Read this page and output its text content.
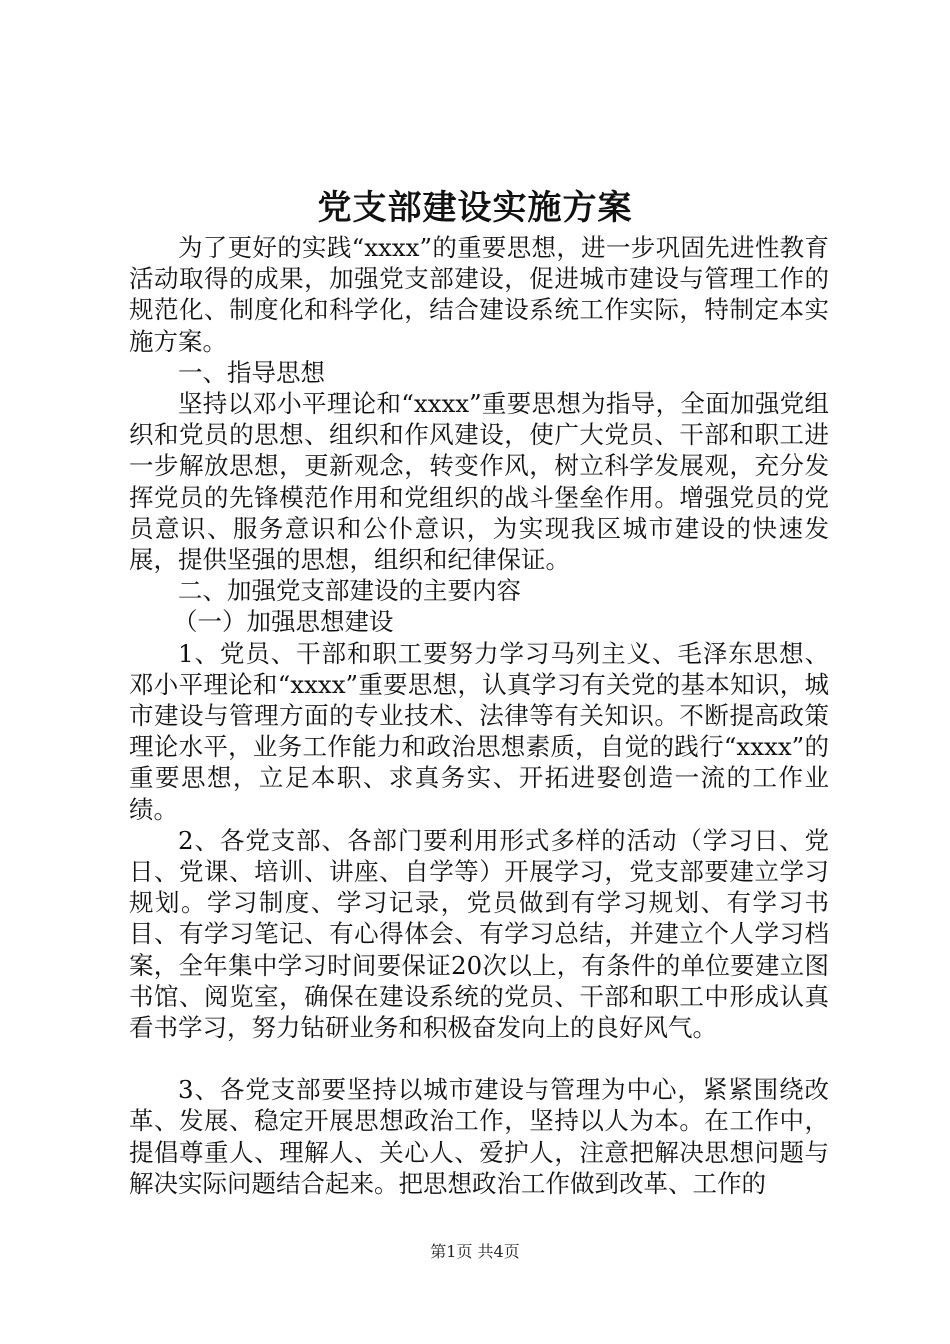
党支部建设实施方案

为了更好的实践“xxxx”的重要思想，进一步巩固先进性教育活动取得的成果，加强党支部建设，促进城市建设与管理工作的规范化、制度化和科学化，结合建设系统工作实际，特制定本实施方案。

一、指导思想

坚持以邓小平理论和“xxxx”重要思想为指导，全面加强党组织和党员的思想、组织和作风建设，使广大党员、干部和职工进一步解放思想，更新观念，转变作风，树立科学发展观，充分发挥党员的先锋模范作用和党组织的战斗堡垒作用。增强党员的党员意识、服务意识和公仆意识，为实现我区城市建设的快速发展，提供坚强的思想，组织和纪律保证。

二、加强党支部建设的主要内容

（一）加强思想建设

1、党员、干部和职工要努力学习马列主义、毛泽东思想、邓小平理论和“xxxx”重要思想，认真学习有关党的基本知识，城市建设与管理方面的专业技术、法律等有关知识。不断提高政策理论水平，业务工作能力和政治思想素质，自觉的践行“xxxx”的重要思想，立足本职、求真务实、开拓进娶创造一流的工作业绩。

2、各党支部、各部门要利用形式多样的活动（学习日、党日、党课、培训、讲座、自学等）开展学习，党支部要建立学习规划。学习制度、学习记录，党员做到有学习规划、有学习书目、有学习笔记、有心得体会、有学习总结，并建立个人学习档案，全年集中学习时间要保证20次以上，有条件的单位要建立图书馆、阅览室，确保在建设系统的党员、干部和职工中形成认真看书学习，努力钻研业务和积极奋发向上的良好风气。

3、各党支部要坚持以城市建设与管理为中心，紧紧围绕改革、发展、稳定开展思想政治工作，坚持以人为本。在工作中，提倡尊重人、理解人、关心人、爱护人，注意把解决思想问题与解决实际问题结合起来。把思想政治工作做到改革、工作的

第1页 共4页
